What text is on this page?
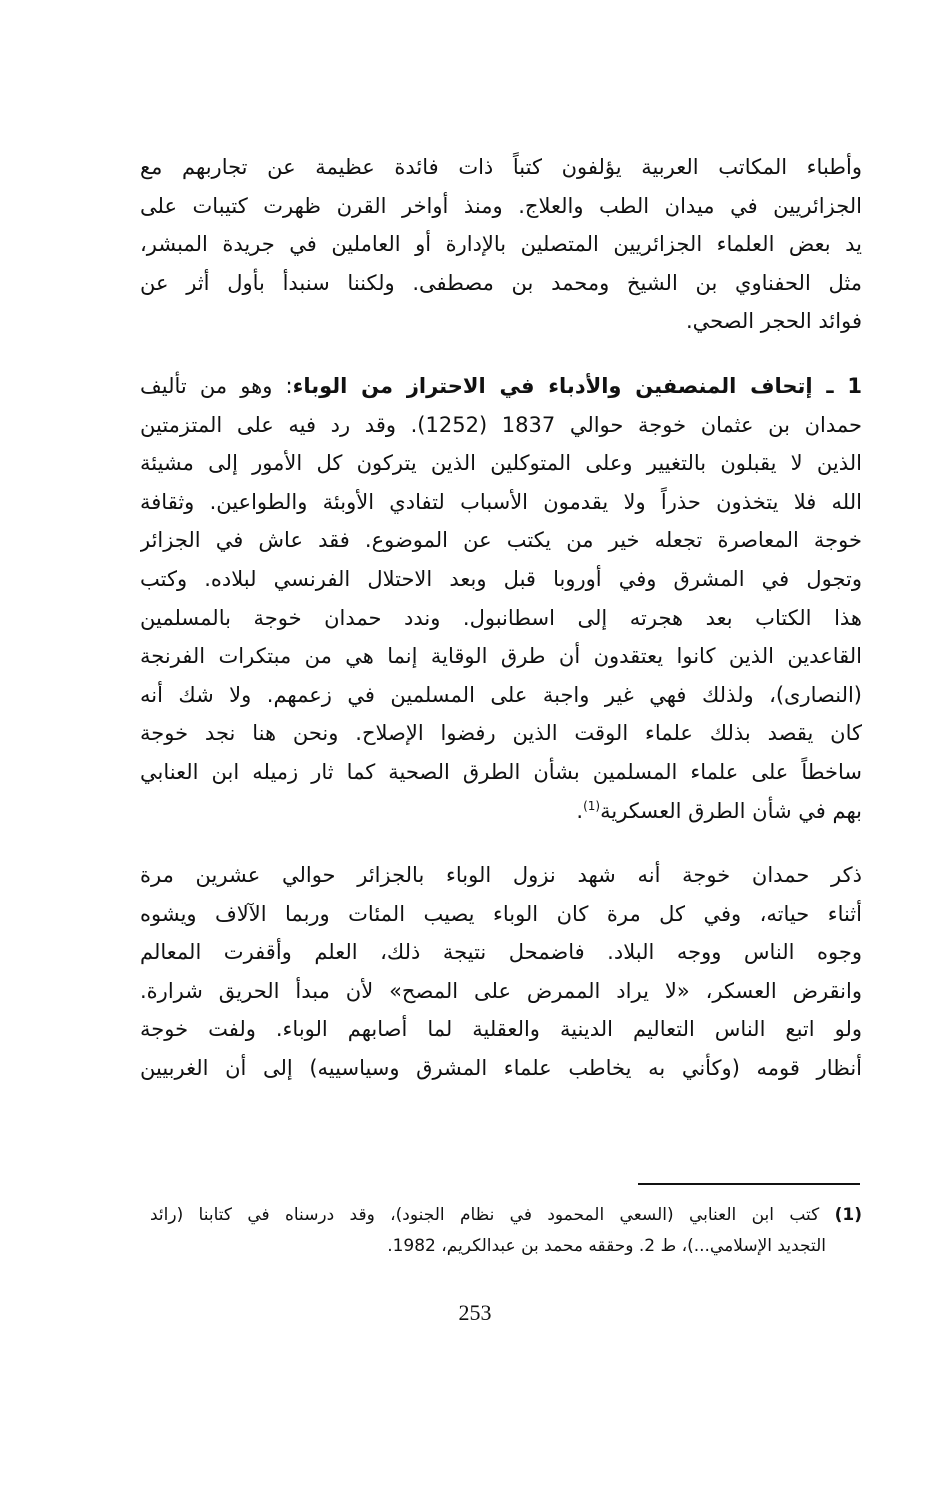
وأطباء المكاتب العربية يؤلفون كتباً ذات فائدة عظيمة عن تجاربهم مع
الجزائريين في ميدان الطب والعلاج. ومنذ أواخر القرن ظهرت كتيبات على
يد بعض العلماء الجزائريين المتصلين بالإدارة أو العاملين في جريدة المبشر،
مثل الحفناوي بن الشيخ ومحمد بن مصطفى. ولكننا سنبدأ بأول أثر عن
فوائد الحجر الصحي.
1 ـ إتحاف المنصفين والأدباء في الاحتراز من الوباء: وهو من تأليف
حمدان بن عثمان خوجة حوالي 1837 (1252). وقد رد فيه على المتزمتين
الذين لا يقبلون بالتغيير وعلى المتوكلين الذين يتركون كل الأمور إلى مشيئة
الله فلا يتخذون حذراً ولا يقدمون الأسباب لتفادي الأوبئة والطواعين. وثقافة
خوجة المعاصرة تجعله خير من يكتب عن الموضوع. فقد عاش في الجزائر
وتجول في المشرق وفي أوروبا قبل وبعد الاحتلال الفرنسي لبلاده. وكتب
هذا الكتاب بعد هجرته إلى اسطانبول. وندد حمدان خوجة بالمسلمين
القاعدين الذين كانوا يعتقدون أن طرق الوقاية إنما هي من مبتكرات الفرنجة
(النصارى)، ولذلك فهي غير واجبة على المسلمين في زعمهم. ولا شك أنه
كان يقصد بذلك علماء الوقت الذين رفضوا الإصلاح. ونحن هنا نجد خوجة
ساخطاً على علماء المسلمين بشأن الطرق الصحية كما ثار زميله ابن العنابي
بهم في شأن الطرق العسكرية$^{(1)}$.
ذكر حمدان خوجة أنه شهد نزول الوباء بالجزائر حوالي عشرين مرة
أثناء حياته، وفي كل مرة كان الوباء يصيب المئات وربما الآلاف ويشوه
وجوه الناس ووجه البلاد. فاضمحل نتيجة ذلك، العلم وأقفرت المعالم
وانقرض العسكر، «لا يراد الممرض على المصح» لأن مبدأ الحريق شرارة.
ولو اتبع الناس التعاليم الدينية والعقلية لما أصابهم الوباء. ولفت خوجة
أنظار قومه (وكأني به يخاطب علماء المشرق وسياسييه) إلى أن الغربيين
(1) كتب ابن العنابي (السعي المحمود في نظام الجنود)، وقد درسناه في كتابنا (رائد
التجديد الإسلامي...)، ط 2. وحققه محمد بن عبدالكريم، 1982.
253
